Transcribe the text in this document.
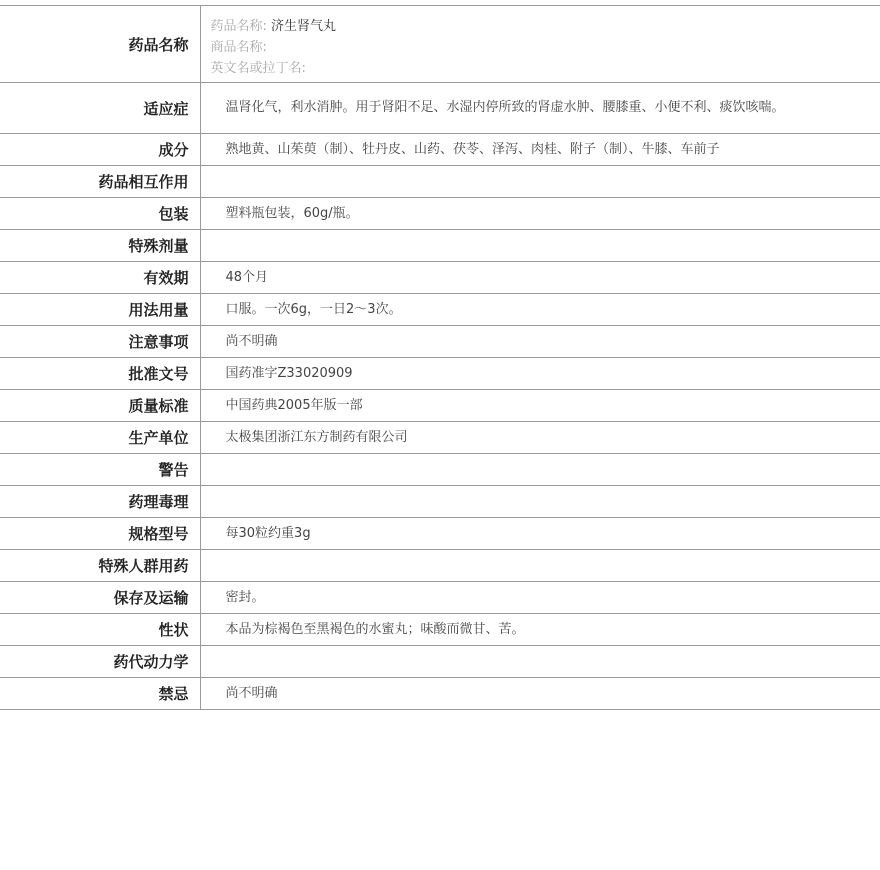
药品名称	药品名称: 济生肾气丸
商品名称:
英文名或拉丁名:

适应症	温肾化气，利水消肿。用于肾阳不足、水湿内停所致的肾虚水肿、腰膝重、小便不利、痰饮咳喘。
成分	熟地黄、山茱萸（制）、牡丹皮、山药、茯苓、泽泻、肉桂、附子（制）、牛膝、车前子
药品相互作用	
包装	塑料瓶包装，60g/瓶。
特殊剂量	
有效期	48个月
用法用量	口服。一次6g，一日2～3次。
注意事项	尚不明确
批准文号	国药准字Z33020909
质量标准	中国药典2005年版一部
生产单位	太极集团浙江东方制药有限公司
警告	
药理毒理	
规格型号	每30粒约重3g
特殊人群用药	
保存及运输	密封。
性状	本品为棕褐色至黑褐色的水蜜丸；味酸而微甘、苦。
药代动力学	
禁忌	尚不明确
